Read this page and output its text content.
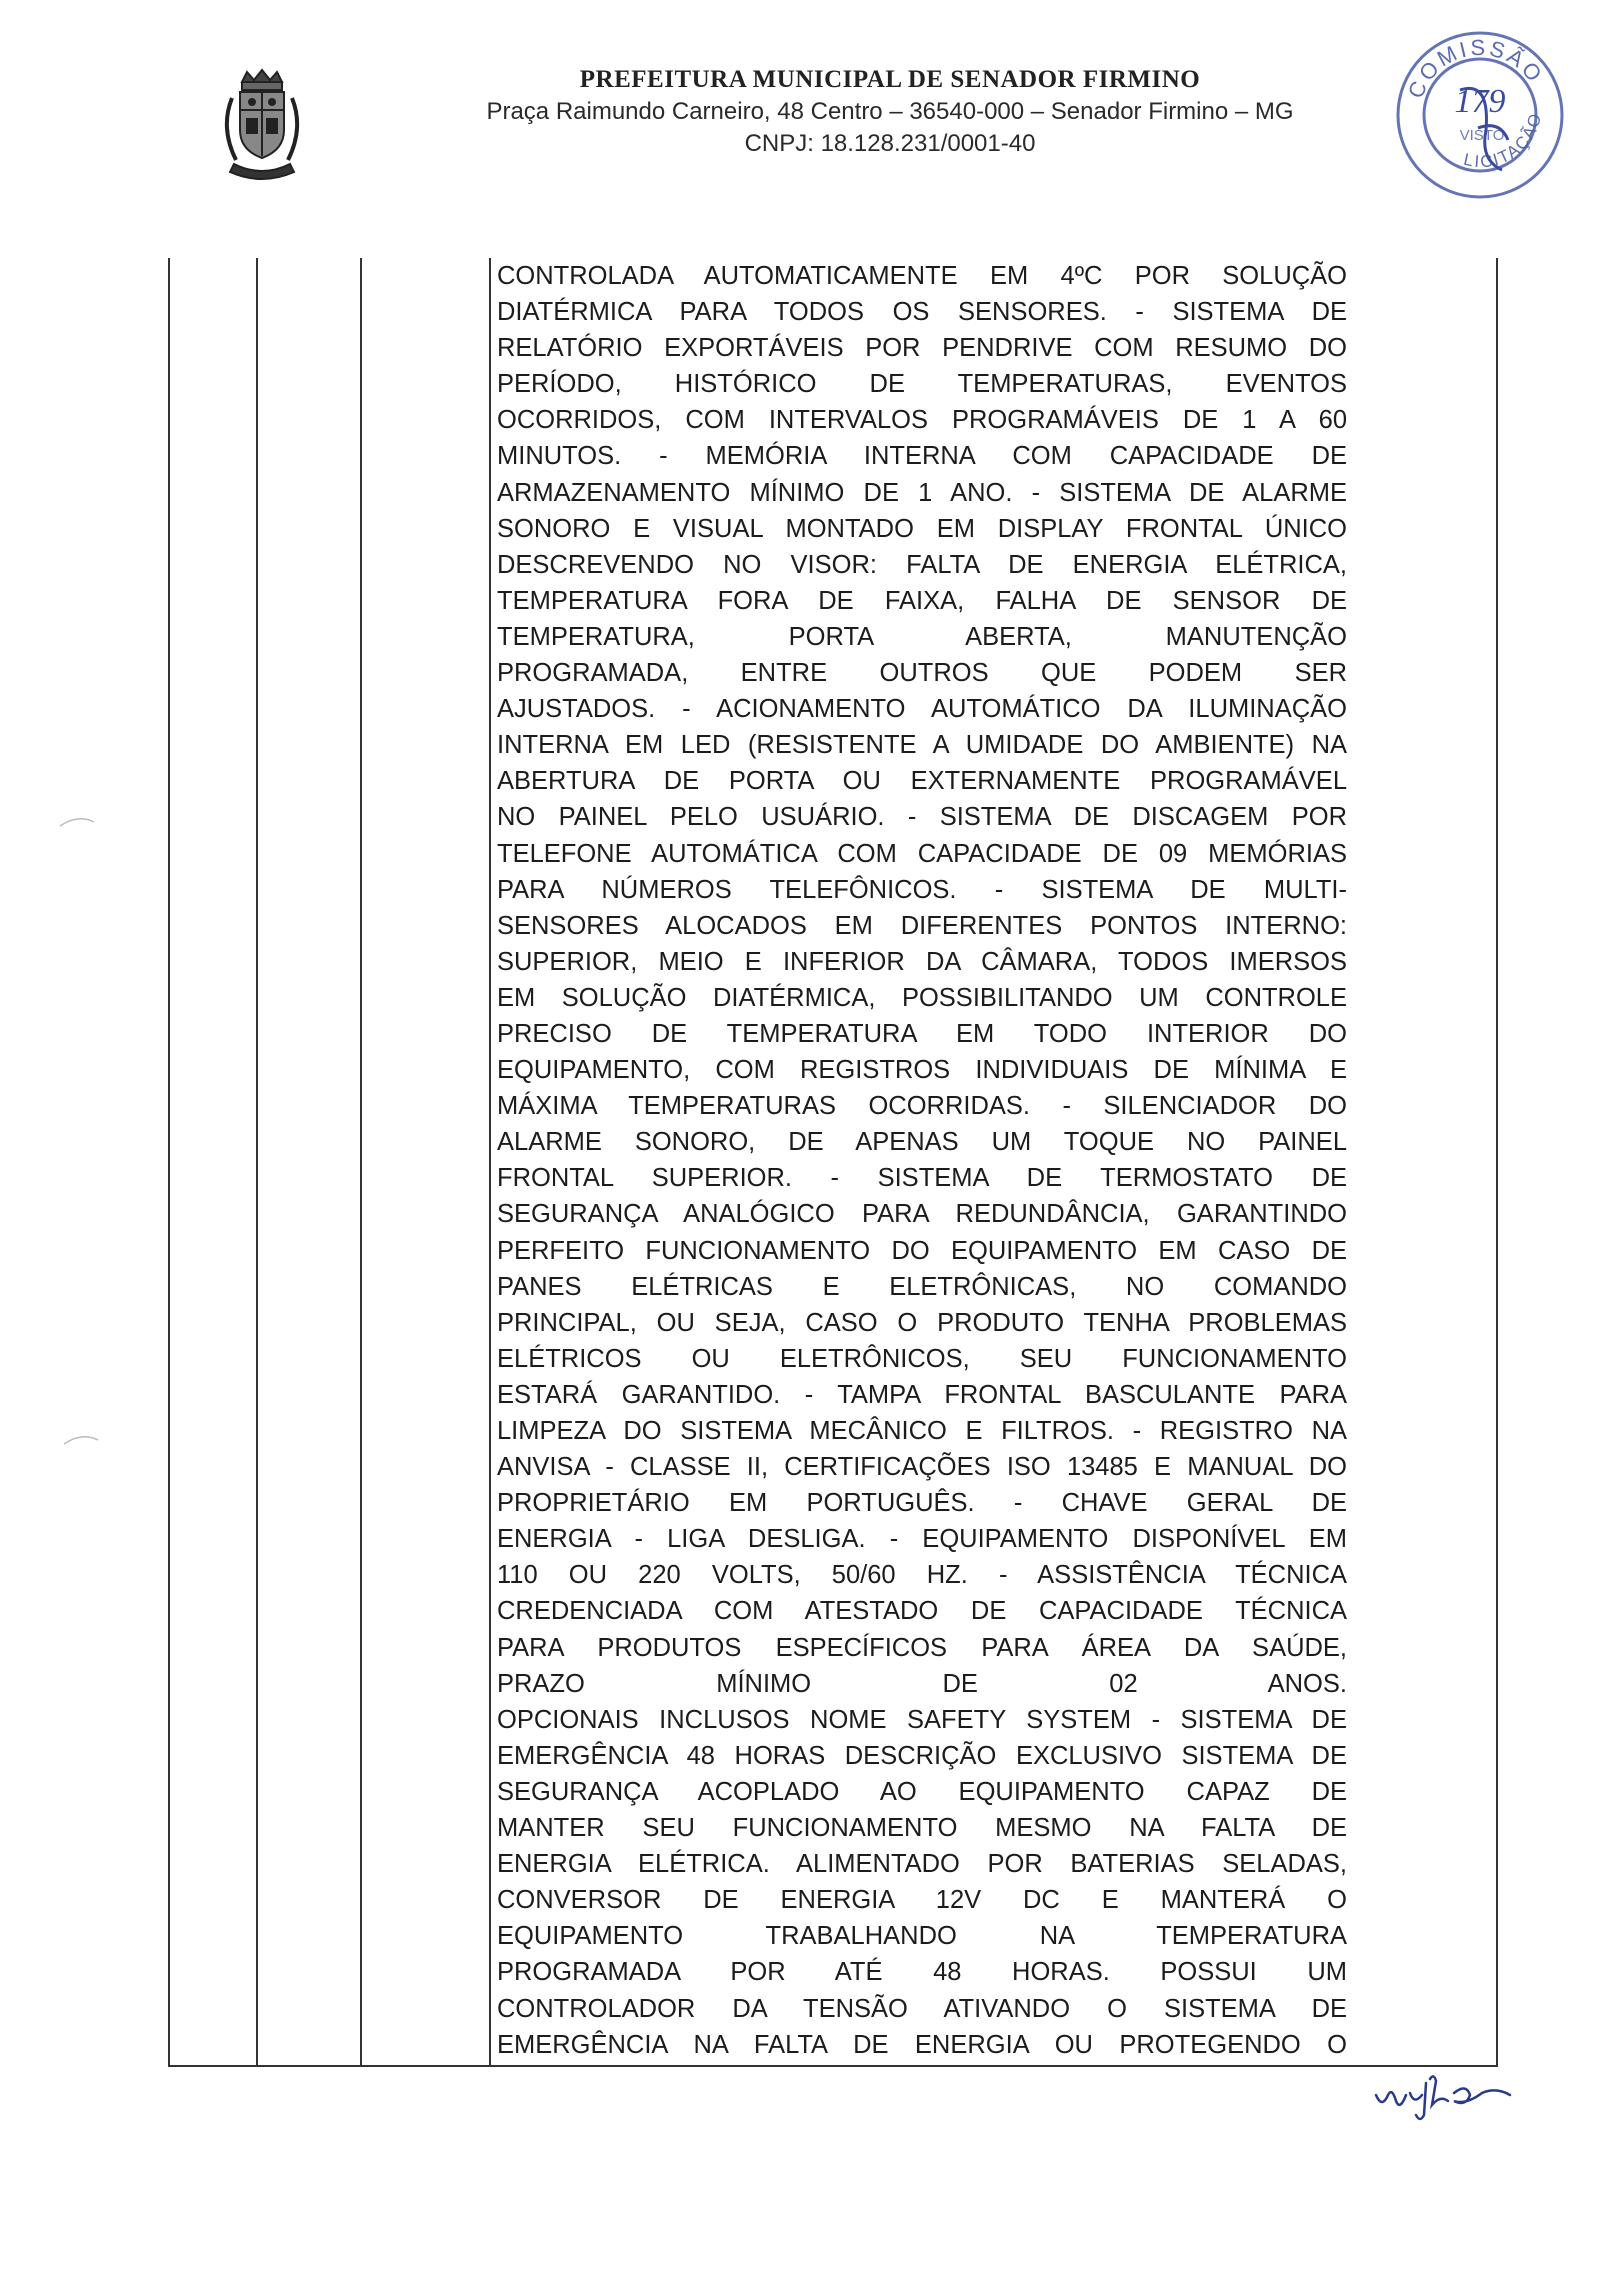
PREFEITURA MUNICIPAL DE SENADOR FIRMINO
Praça Raimundo Carneiro, 48 Centro – 36540-000 – Senador Firmino – MG
CNPJ: 18.128.231/0001-40
COMISSÃO
LICITAÇÃO
179
VISTO
CONTROLADA AUTOMATICAMENTE EM 4ºC POR SOLUÇÃO
DIATÉRMICA PARA TODOS OS SENSORES. - SISTEMA DE
RELATÓRIO EXPORTÁVEIS POR PENDRIVE COM RESUMO DO
PERÍODO, HISTÓRICO DE TEMPERATURAS, EVENTOS
OCORRIDOS, COM INTERVALOS PROGRAMÁVEIS DE 1 A 60
MINUTOS. - MEMÓRIA INTERNA COM CAPACIDADE DE
ARMAZENAMENTO MÍNIMO DE 1 ANO. - SISTEMA DE ALARME
SONORO E VISUAL MONTADO EM DISPLAY FRONTAL ÚNICO
DESCREVENDO NO VISOR: FALTA DE ENERGIA ELÉTRICA,
TEMPERATURA FORA DE FAIXA, FALHA DE SENSOR DE
TEMPERATURA, PORTA ABERTA, MANUTENÇÃO
PROGRAMADA, ENTRE OUTROS QUE PODEM SER
AJUSTADOS. - ACIONAMENTO AUTOMÁTICO DA ILUMINAÇÃO
INTERNA EM LED (RESISTENTE A UMIDADE DO AMBIENTE) NA
ABERTURA DE PORTA OU EXTERNAMENTE PROGRAMÁVEL
NO PAINEL PELO USUÁRIO. - SISTEMA DE DISCAGEM POR
TELEFONE AUTOMÁTICA COM CAPACIDADE DE 09 MEMÓRIAS
PARA NÚMEROS TELEFÔNICOS. - SISTEMA DE MULTI-
SENSORES ALOCADOS EM DIFERENTES PONTOS INTERNO:
SUPERIOR, MEIO E INFERIOR DA CÂMARA, TODOS IMERSOS
EM SOLUÇÃO DIATÉRMICA, POSSIBILITANDO UM CONTROLE
PRECISO DE TEMPERATURA EM TODO INTERIOR DO
EQUIPAMENTO, COM REGISTROS INDIVIDUAIS DE MÍNIMA E
MÁXIMA TEMPERATURAS OCORRIDAS. - SILENCIADOR DO
ALARME SONORO, DE APENAS UM TOQUE NO PAINEL
FRONTAL SUPERIOR. - SISTEMA DE TERMOSTATO DE
SEGURANÇA ANALÓGICO PARA REDUNDÂNCIA, GARANTINDO
PERFEITO FUNCIONAMENTO DO EQUIPAMENTO EM CASO DE
PANES ELÉTRICAS E ELETRÔNICAS, NO COMANDO
PRINCIPAL, OU SEJA, CASO O PRODUTO TENHA PROBLEMAS
ELÉTRICOS OU ELETRÔNICOS, SEU FUNCIONAMENTO
ESTARÁ GARANTIDO. - TAMPA FRONTAL BASCULANTE PARA
LIMPEZA DO SISTEMA MECÂNICO E FILTROS. - REGISTRO NA
ANVISA - CLASSE II, CERTIFICAÇÕES ISO 13485 E MANUAL DO
PROPRIETÁRIO EM PORTUGUÊS. - CHAVE GERAL DE
ENERGIA - LIGA DESLIGA. - EQUIPAMENTO DISPONÍVEL EM
110 OU 220 VOLTS, 50/60 HZ. - ASSISTÊNCIA TÉCNICA
CREDENCIADA COM ATESTADO DE CAPACIDADE TÉCNICA
PARA PRODUTOS ESPECÍFICOS PARA ÁREA DA SAÚDE,
PRAZO MÍNIMO DE 02 ANOS.
OPCIONAIS INCLUSOS NOME SAFETY SYSTEM - SISTEMA DE
EMERGÊNCIA 48 HORAS DESCRIÇÃO EXCLUSIVO SISTEMA DE
SEGURANÇA ACOPLADO AO EQUIPAMENTO CAPAZ DE
MANTER SEU FUNCIONAMENTO MESMO NA FALTA DE
ENERGIA ELÉTRICA. ALIMENTADO POR BATERIAS SELADAS,
CONVERSOR DE ENERGIA 12V DC E MANTERÁ O
EQUIPAMENTO TRABALHANDO NA TEMPERATURA
PROGRAMADA POR ATÉ 48 HORAS. POSSUI UM
CONTROLADOR DA TENSÃO ATIVANDO O SISTEMA DE
EMERGÊNCIA NA FALTA DE ENERGIA OU PROTEGENDO O
